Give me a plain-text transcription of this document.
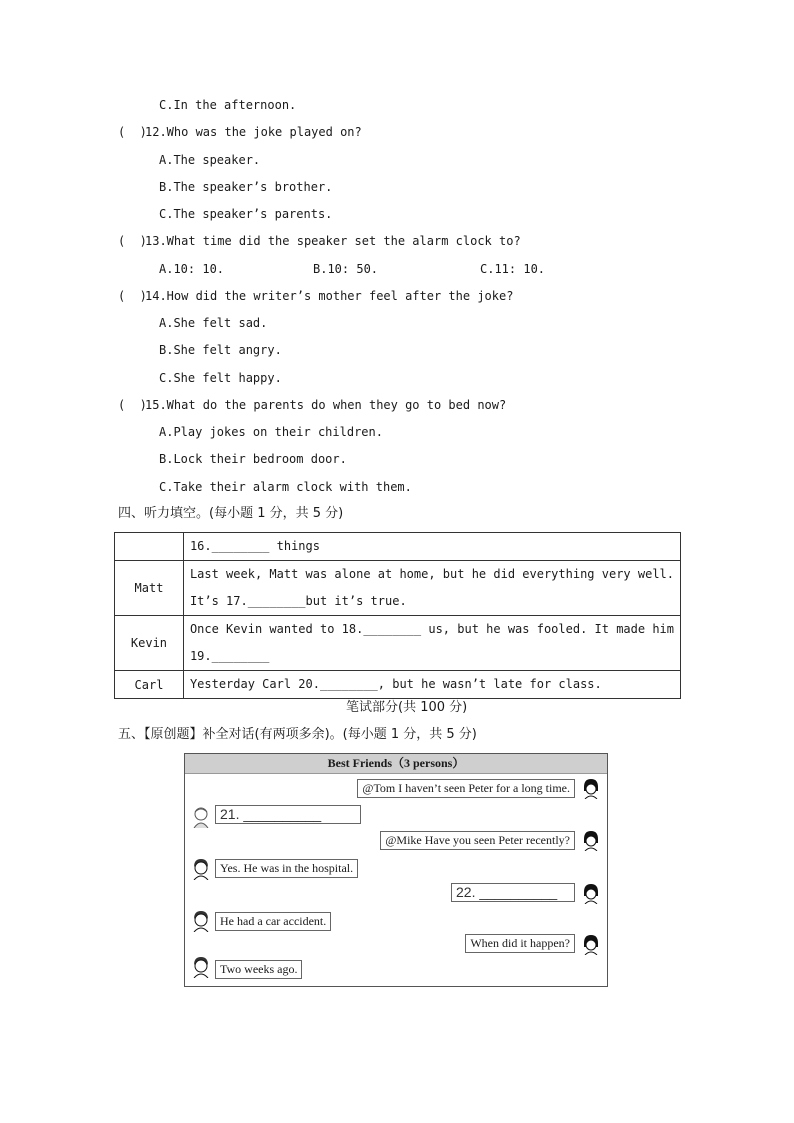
C.In the afternoon.
(  )
12.Who was the joke played on?
A.The speaker.
B.The speaker’s brother.
C.The speaker’s parents.
(  )
13.What time did the speaker set the alarm clock to?
A.10: 10.	B.10: 50.	C.11: 10.
(  )
14.How did the writer’s mother feel after the joke?
A.She felt sad.
B.She felt angry.
C.She felt happy.
(  )
15.What do the parents do when they go to bed now?
A.Play jokes on their children.
B.Lock their bedroom door.
C.Take their alarm clock with them.
四、听力填空。(每小题 1 分，共 5 分)

	16.________ things

Matt	Last week, Matt was alone at home, but he did everything very well.
It’s 17.________but it’s true.

Kevin	Once Kevin wanted to 18.________ us, but he was fooled. It made him
19.________

Carl	Yesterday Carl 20.________, but he wasn’t late for class.
笔试部分(共 100 分)
五、【原创题】补全对话(有两项多余)。(每小题 1 分，共 5 分)
Best Friends（3 persons）
@Tom I haven’t seen Peter for a long time.
21. __________
@Mike Have you seen Peter recently?
Yes. He was in the hospital.
22. __________
He had a car accident.
When did it happen?
Two weeks ago.
